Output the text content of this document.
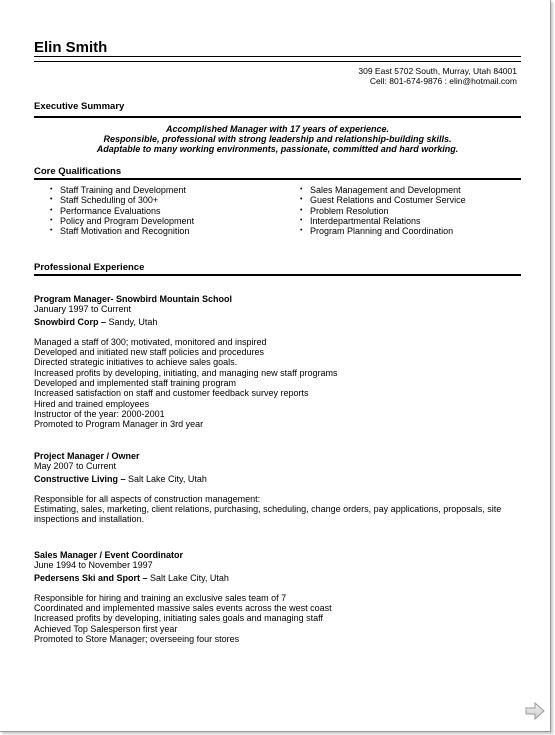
Elin Smith
309 East 5702 South, Murray, Utah 84001
Cell: 801-674-9876 : elin@hotmail.com
Executive Summary
Accomplished Manager with 17 years of experience.
Responsible, professional with strong leadership and relationship-building skills.
Adaptable to many working environments, passionate, committed and hard working.
Core Qualifications
• Staff Training and Development
• Staff Scheduling of 300+
• Performance Evaluations
• Policy and Program Development
• Staff Motivation and Recognition
• Sales Management and Development
• Guest Relations and Costumer Service
• Problem Resolution
• Interdepartmental Relations
• Program Planning and Coordination
Professional Experience
Program Manager- Snowbird Mountain School
January 1997 to Current
Snowbird Corp – Sandy, Utah
Managed a staff of 300; motivated, monitored and inspired
Developed and initiated new staff policies and procedures
Directed strategic initiatives to achieve sales goals.
Increased profits by developing, initiating, and managing new staff programs
Developed and implemented staff training program
Increased satisfaction on staff and customer feedback survey reports
Hired and trained employees
Instructor of the year: 2000-2001
Promoted to Program Manager in 3rd year
Project Manager / Owner
May 2007 to Current
Constructive Living – Salt Lake City, Utah
Responsible for all aspects of construction management:
Estimating, sales, marketing, client relations, purchasing, scheduling, change orders, pay applications, proposals, site inspections and installation.
Sales Manager / Event Coordinator
June 1994 to November 1997
Pedersens Ski and Sport – Salt Lake City, Utah
Responsible for hiring and training an exclusive sales team of 7
Coordinated and implemented massive sales events across the west coast
Increased profits by developing, initiating sales goals and managing staff
Achieved Top Salesperson first year
Promoted to Store Manager; overseeing four stores
